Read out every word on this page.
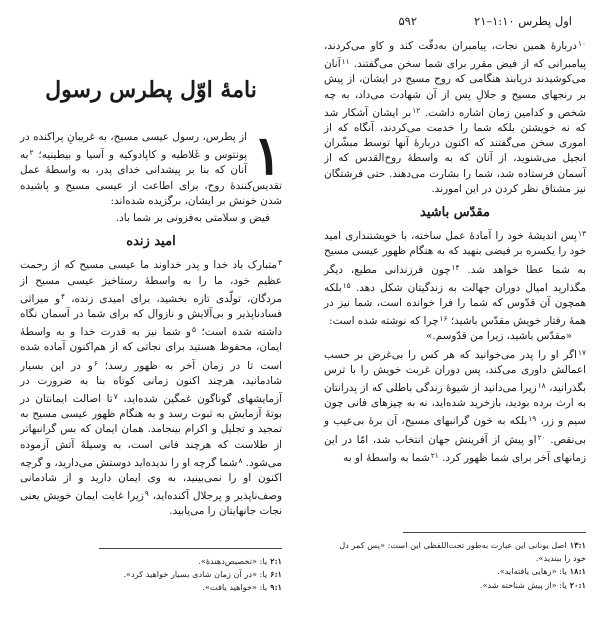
اول پطرس ۱:۱۰–۲۱
۵۹۲

$^{۱۰}$دربارۀ همین نجات، پیامبران به‌دقّت کند و کاو می‌کردند، پیامبرانی که از فیض مقرر برای شما سخن می‌گفتند. $^{۱۱}$آنان می‌کوشیدند دریابند هنگامی که روح مسیح در ایشان، از پیش بر رنجهای مسیح و جلالِ پس از آن شهادت می‌داد، به چه شخص و کدامین زمان اشاره داشت. $^{۱۲}$بر ایشان آشکار شد که نه خویشتن بلکه شما را خدمت می‌کردند، آنگاه که از اموری سخن می‌گفتند که اکنون دربارۀ آنها توسط مبشّران انجیل می‌شنوید، از آنان که به واسطۀ روح‌القدس که از آسمان فرستاده شد، شما را بشارت می‌دهند. حتی فرشتگان نیز مشتاق نظر کردن در این امورند.

مقدّس باشید

$^{۱۳}$پس اندیشۀ خود را آمادۀ عمل ساخته، با خویشتنداری امید خود را یکسره بر فیضی بنهید که به هنگام ظهور عیسی مسیح به شما عطا خواهد شد. $^{۱۴}$چون فرزندانی مطیع، دیگر مگذارید امیال دوران جهالت به زندگیتان شکل دهد. $^{۱۵}$بلکه همچون آن قدّوس که شما را فرا خوانده است، شما نیز در همۀ رفتار خویش مقدّس باشید؛ $^{۱۶}$چرا که نوشته شده است:

«مقدّس باشید، زیرا من قدّوسم.»

$^{۱۷}$اگر او را پدر می‌خوانید که هر کس را بی‌غرض بر حسب اعمالش داوری می‌کند، پس دوران غربت خویش را با ترس بگذرانید، $^{۱۸}$زیرا می‌دانید از شیوۀ زندگی باطلی که از پدرانتان به ارث برده بودید، بازخرید شده‌اید، نه به چیزهای فانی چون سیم و زر، $^{۱۹}$بلکه به خون گرانبهای مسیح، آن برۀ بی‌عیب و بی‌نقص. $^{۲۰}$او پیش از آفرینش جهان انتخاب شد، امّا در این زمانهای آخر برای شما ظهور کرد. $^{۲۱}$شما به واسطۀ او به

نامۀ اوّل پطرس رسول
۱

از پطرس، رسول عیسی مسیح، به غریبانِ پراکنده در پونتوس و غَلاطیه و کاپادوکیه و آسیا و بیطینیه؛ $^۲$به آنان که بنا بر پیشدانی خدای پدر، به واسطۀ عمل تقدیس‌کنندۀ روح، برای اطاعت از عیسی مسیح و پاشیده شدن خونش بر ایشان، برگزیده شده‌اند:

فیض و سلامتی به‌فزونی بر شما باد.

امید زنده

$^۳$متبارک باد خدا و پدر خداوند ما عیسی مسیح که از رحمت عظیم خود، ما را به واسطۀ رستاخیز عیسی مسیح از مردگان، تولّدی تازه بخشید، برای امیدی زنده، $^۴$و میراثی فسادناپذیر و بی‌آلایش و نازوال که برای شما در آسمان نگاه داشته شده است؛ $^۵$و شما نیز به قدرت خدا و به واسطۀ ایمان، محفوظ هستید برای نجاتی که از هم‌اکنون آماده شده است تا در زمان آخر به ظهور رسد؛ $^۶$و در این بسیار شادمانید، هرچند اکنون زمانی کوتاه بنا به ضرورت در آزمایشهای گوناگون غمگین شده‌اید، $^۷$تا اصالت ایمانتان در بوتۀ آزمایش به ثبوت رسد و به هنگام ظهور عیسی مسیح به تمجید و تجلیل و اکرام بینجامد. همان ایمان که بس گرانبهاتر از طلاست که هرچند فانی است، به وسیلۀ آتش آزموده می‌شود. $^۸$شما گرچه او را ندیده‌اید دوستش می‌دارید، و گرچه اکنون او را نمی‌بینید، به وی ایمان دارید و از شادمانی وصف‌ناپذیر و پرجلال آکنده‌اید، $^۹$زیرا غایت ایمان خویش یعنی نجات جانهایتان را می‌یابید.

۱۳:۱اصل یونانی این عبارت به‌طور تحت‌اللفظی این است: «پس کمر دل خود را ببندید».

۱۸:۱یا: «رهایی یافته‌اید».

۲۰:۱یا: «از پیش شناخته شد».

۲:۱یا: «تخصیص‌دهندۀ».

۶:۱یا: «در آن زمان شادی بسیار خواهید کرد».

۹:۱یا: «خواهید یافت».
